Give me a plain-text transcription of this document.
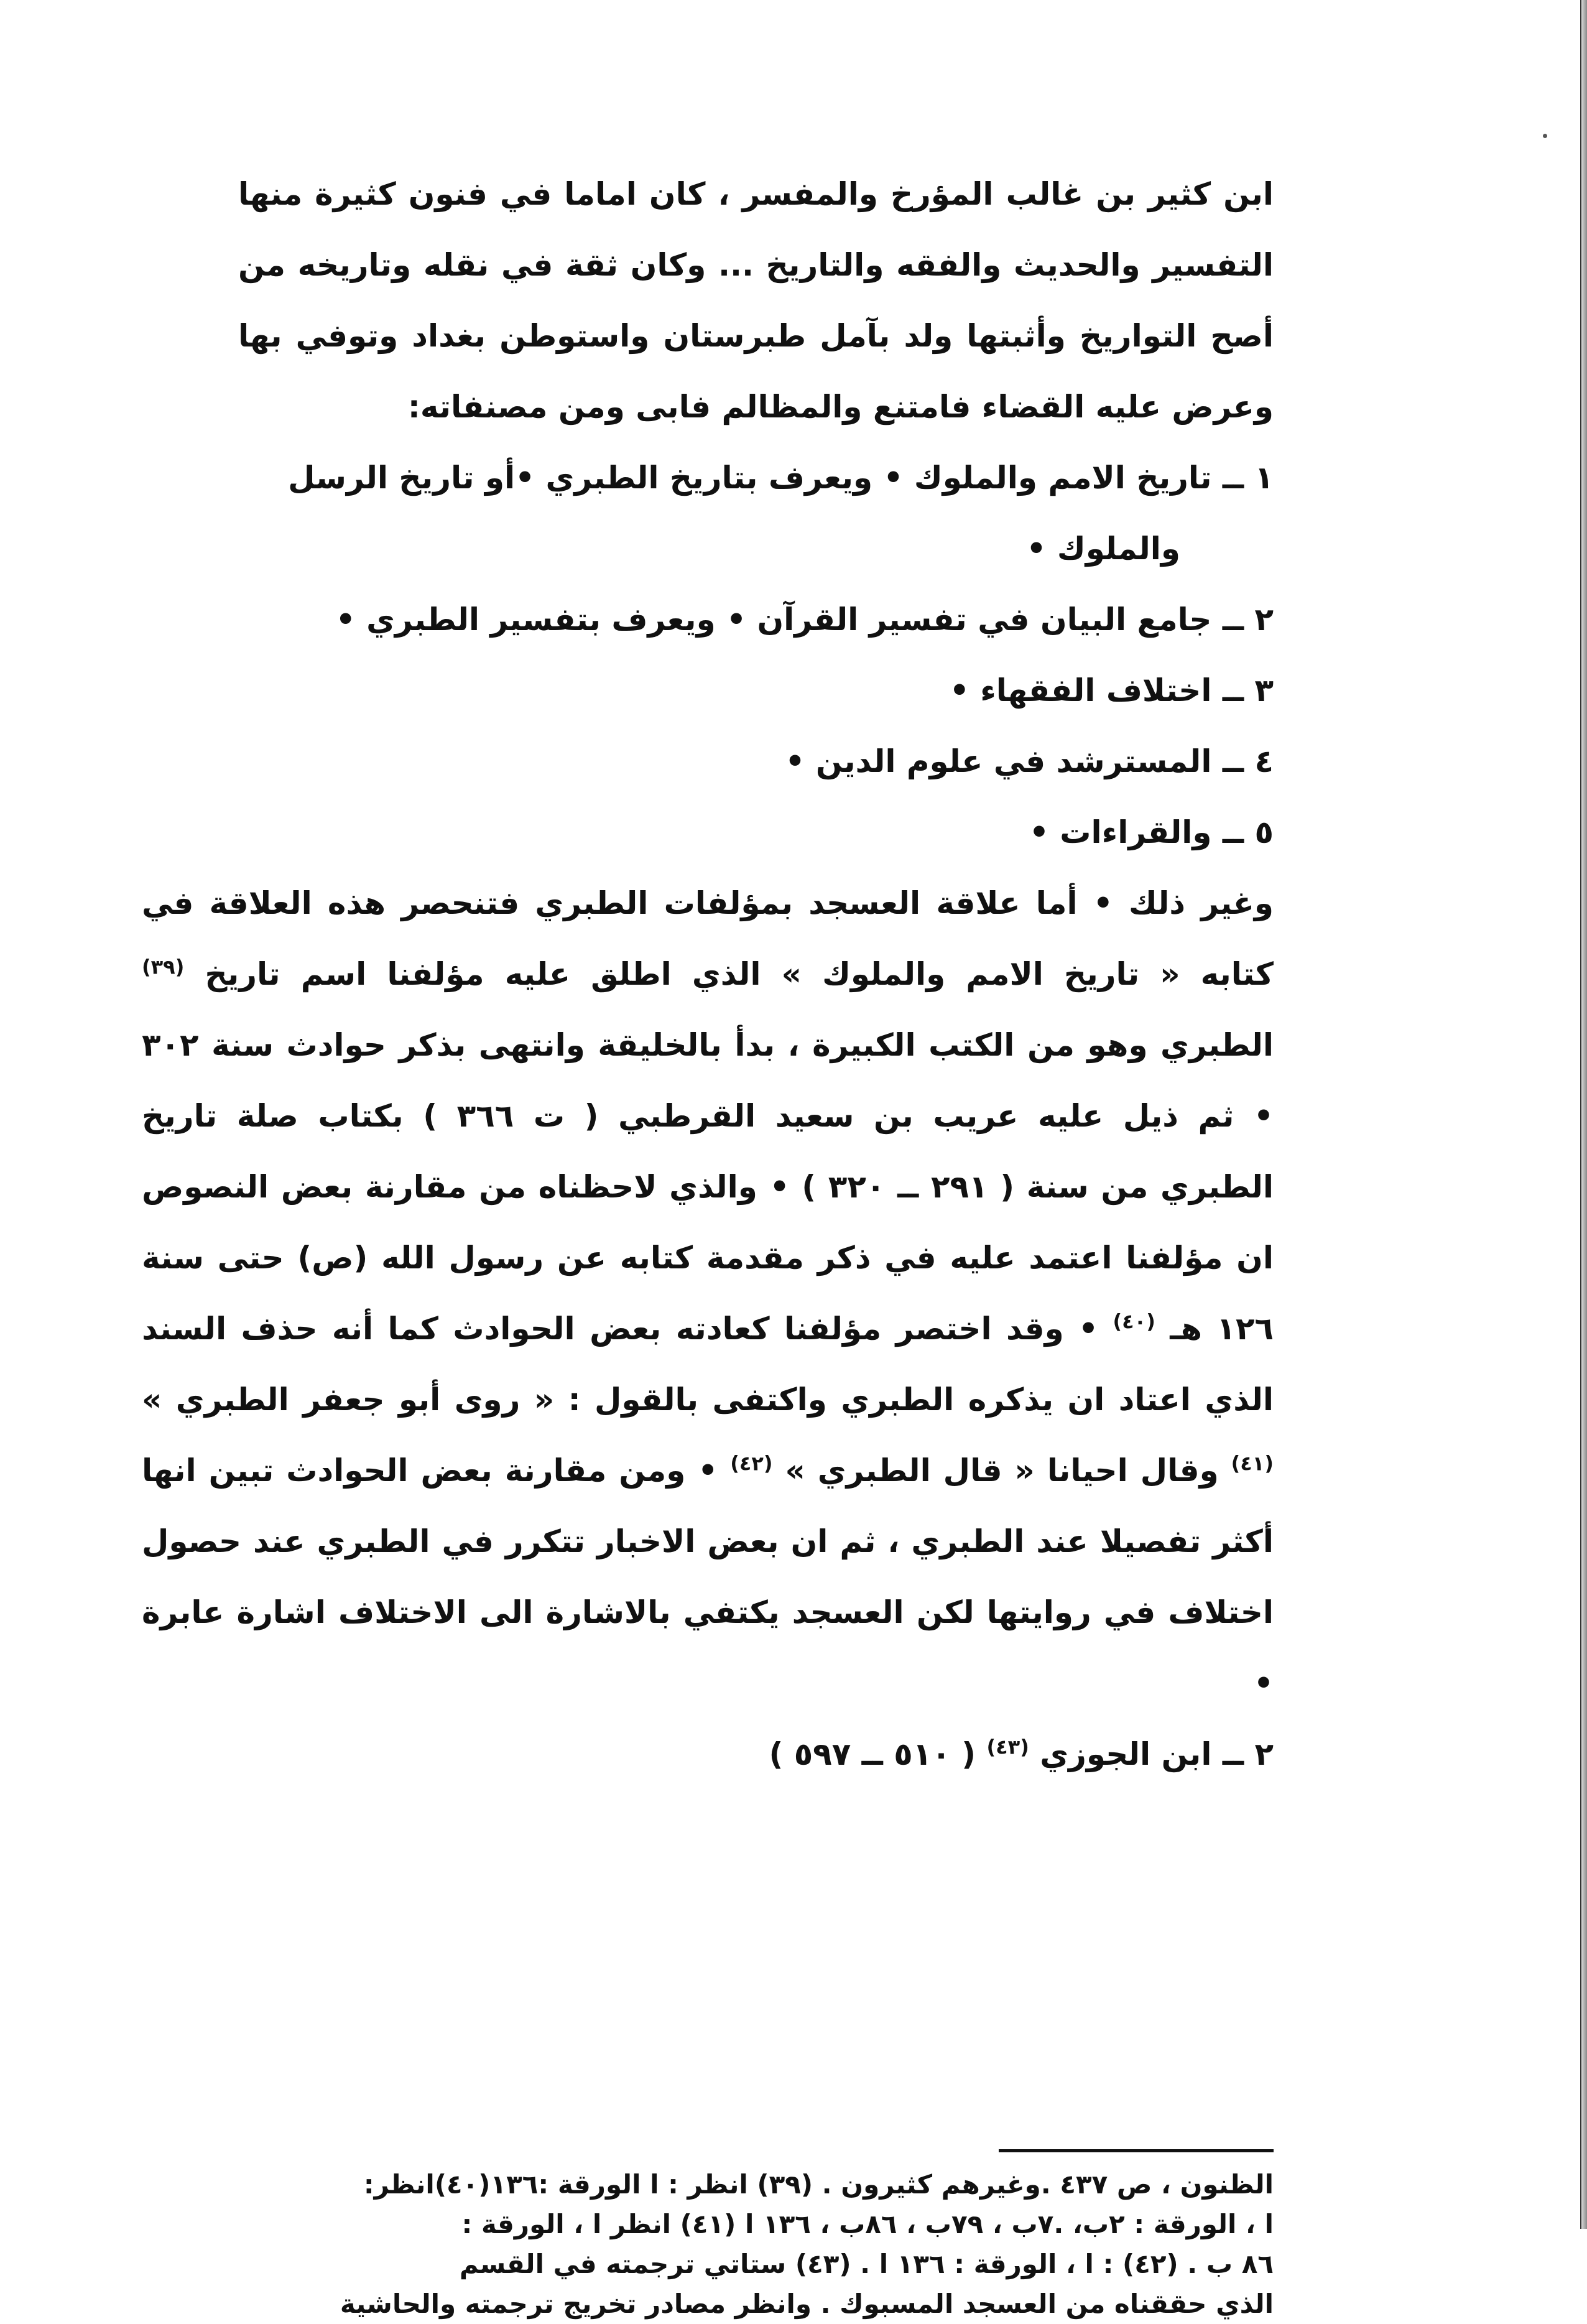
ابن كثير بن غالب المؤرخ والمفسر ، كان اماما في فنون كثيرة منها التفسير والحديث والفقه والتاريخ ... وكان ثقة في نقله وتاريخه من أصح التواريخ وأثبتها ولد بآمل طبرستان واستوطن بغداد وتوفي بها وعرض عليه القضاء فامتنع والمظالم فابى ومن مصنفاته:

١ ــ تاريخ الامم والملوك • ويعرف بتاريخ الطبري •أو تاريخ الرسل

والملوك •

٢ ــ جامع البيان في تفسير القرآن • ويعرف بتفسير الطبري •

٣ ــ اختلاف الفقهاء •

٤ ــ المسترشد في علوم الدين •

٥ ــ والقراءات •

وغير ذلك • أما علاقة العسجد بمؤلفات الطبري فتنحصر هذه العلاقة في كتابه « تاريخ الامم والملوك » الذي اطلق عليه مؤلفنا اسم تاريخ $^{(٣٩)}$ الطبري وهو من الكتب الكبيرة ، بدأ بالخليقة وانتهى بذكر حوادث سنة ٣٠٢ • ثم ذيل عليه عريب بن سعيد القرطبي ( ت ٣٦٦ ) بكتاب صلة تاريخ الطبري من سنة ( ٢٩١ ــ ٣٢٠ ) • والذي لاحظناه من مقارنة بعض النصوص ان مؤلفنا اعتمد عليه في ذكر مقدمة كتابه عن رسول الله (ص) حتى سنة ١٢٦ هـ $^{(٤٠)}$ • وقد اختصر مؤلفنا كعادته بعض الحوادث كما أنه حذف السند الذي اعتاد ان يذكره الطبري واكتفى بالقول : « روى أبو جعفر الطبري » $^{(٤١)}$ وقال احيانا « قال الطبري » $^{(٤٢)}$ • ومن مقارنة بعض الحوادث تبين انها أكثر تفصيلا عند الطبري ، ثم ان بعض الاخبار تتكرر في الطبري عند حصول اختلاف في روايتها لكن العسجد يكتفي بالاشارة الى الاختلاف اشارة عابرة •

٢ ــ ابن الجوزي $^{(٤٣)}$ ( ٥١٠ ــ ٥٩٧ )

الظنون ، ص ٤٣٧ .وغيرهم كثيرون . (٣٩) انظر : ا الورقة :١٣٦(٤٠)انظر:

ا ، الورقة : ٢ب، .٧ب ، ٧٩ب ، ٨٦ب ، ١٣٦ ا (٤١) انظر ا ، الورقة :

٨٦ ب . (٤٢) : ا ، الورقة : ١٣٦ ا . (٤٣) ستاتي ترجمته في القسم

الذي حققناه من العسجد المسبوك . وانظر مصادر تخريج ترجمته والحاشية
